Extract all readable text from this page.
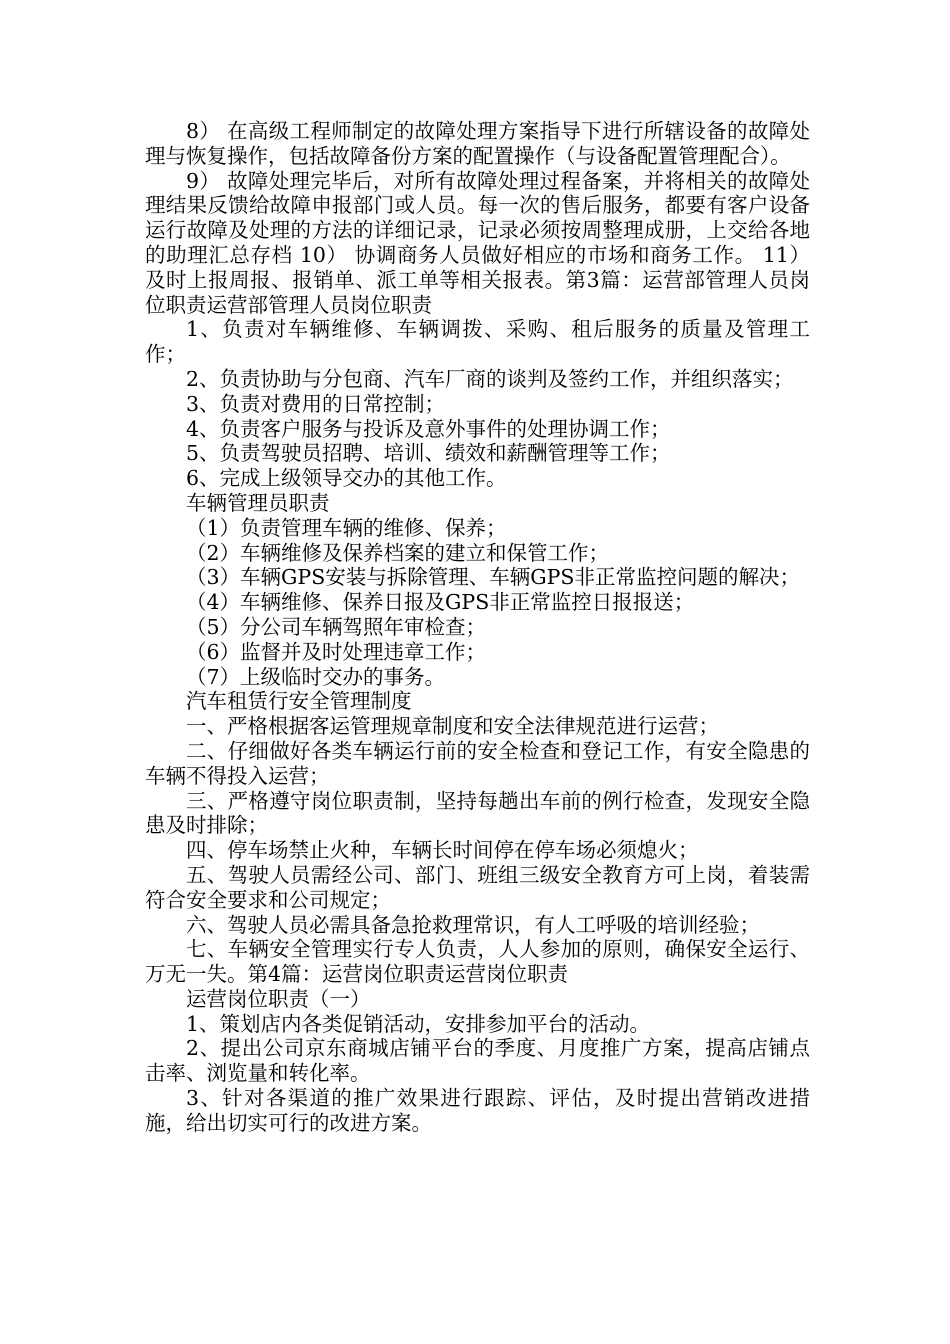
8） 在高级工程师制定的故障处理方案指导下进行所辖设备的故障处理与恢复操作，包括故障备份方案的配置操作（与设备配置管理配合）。

9） 故障处理完毕后，对所有故障处理过程备案，并将相关的故障处理结果反馈给故障申报部门或人员。每一次的售后服务，都要有客户设备运行故障及处理的方法的详细记录，记录必须按周整理成册，上交给各地的助理汇总存档 10） 协调商务人员做好相应的市场和商务工作。 11） 及时上报周报、报销单、派工单等相关报表。第3篇：运营部管理人员岗位职责运营部管理人员岗位职责

1、负责对车辆维修、车辆调拨、采购、租后服务的质量及管理工作；

2、负责协助与分包商、汽车厂商的谈判及签约工作，并组织落实；

3、负责对费用的日常控制；

4、负责客户服务与投诉及意外事件的处理协调工作；

5、负责驾驶员招聘、培训、绩效和薪酬管理等工作；

6、完成上级领导交办的其他工作。

车辆管理员职责

（1）负责管理车辆的维修、保养；

（2）车辆维修及保养档案的建立和保管工作；

（3）车辆GPS安装与拆除管理、车辆GPS非正常监控问题的解决；

（4）车辆维修、保养日报及GPS非正常监控日报报送；

（5）分公司车辆驾照年审检查；

（6）监督并及时处理违章工作；

（7）上级临时交办的事务。

汽车租赁行安全管理制度

一、严格根据客运管理规章制度和安全法律规范进行运营；

二、仔细做好各类车辆运行前的安全检查和登记工作，有安全隐患的车辆不得投入运营；

三、严格遵守岗位职责制，坚持每趟出车前的例行检查，发现安全隐患及时排除；

四、停车场禁止火种，车辆长时间停在停车场必须熄火；

五、驾驶人员需经公司、部门、班组三级安全教育方可上岗，着装需符合安全要求和公司规定；

六、驾驶人员必需具备急抢救理常识，有人工呼吸的培训经验；

七、车辆安全管理实行专人负责，人人参加的原则，确保安全运行、万无一失。第4篇：运营岗位职责运营岗位职责

运营岗位职责（一）

1、策划店内各类促销活动，安排参加平台的活动。

2、提出公司京东商城店铺平台的季度、月度推广方案，提高店铺点击率、浏览量和转化率。

3、针对各渠道的推广效果进行跟踪、评估，及时提出营销改进措施，给出切实可行的改进方案。
